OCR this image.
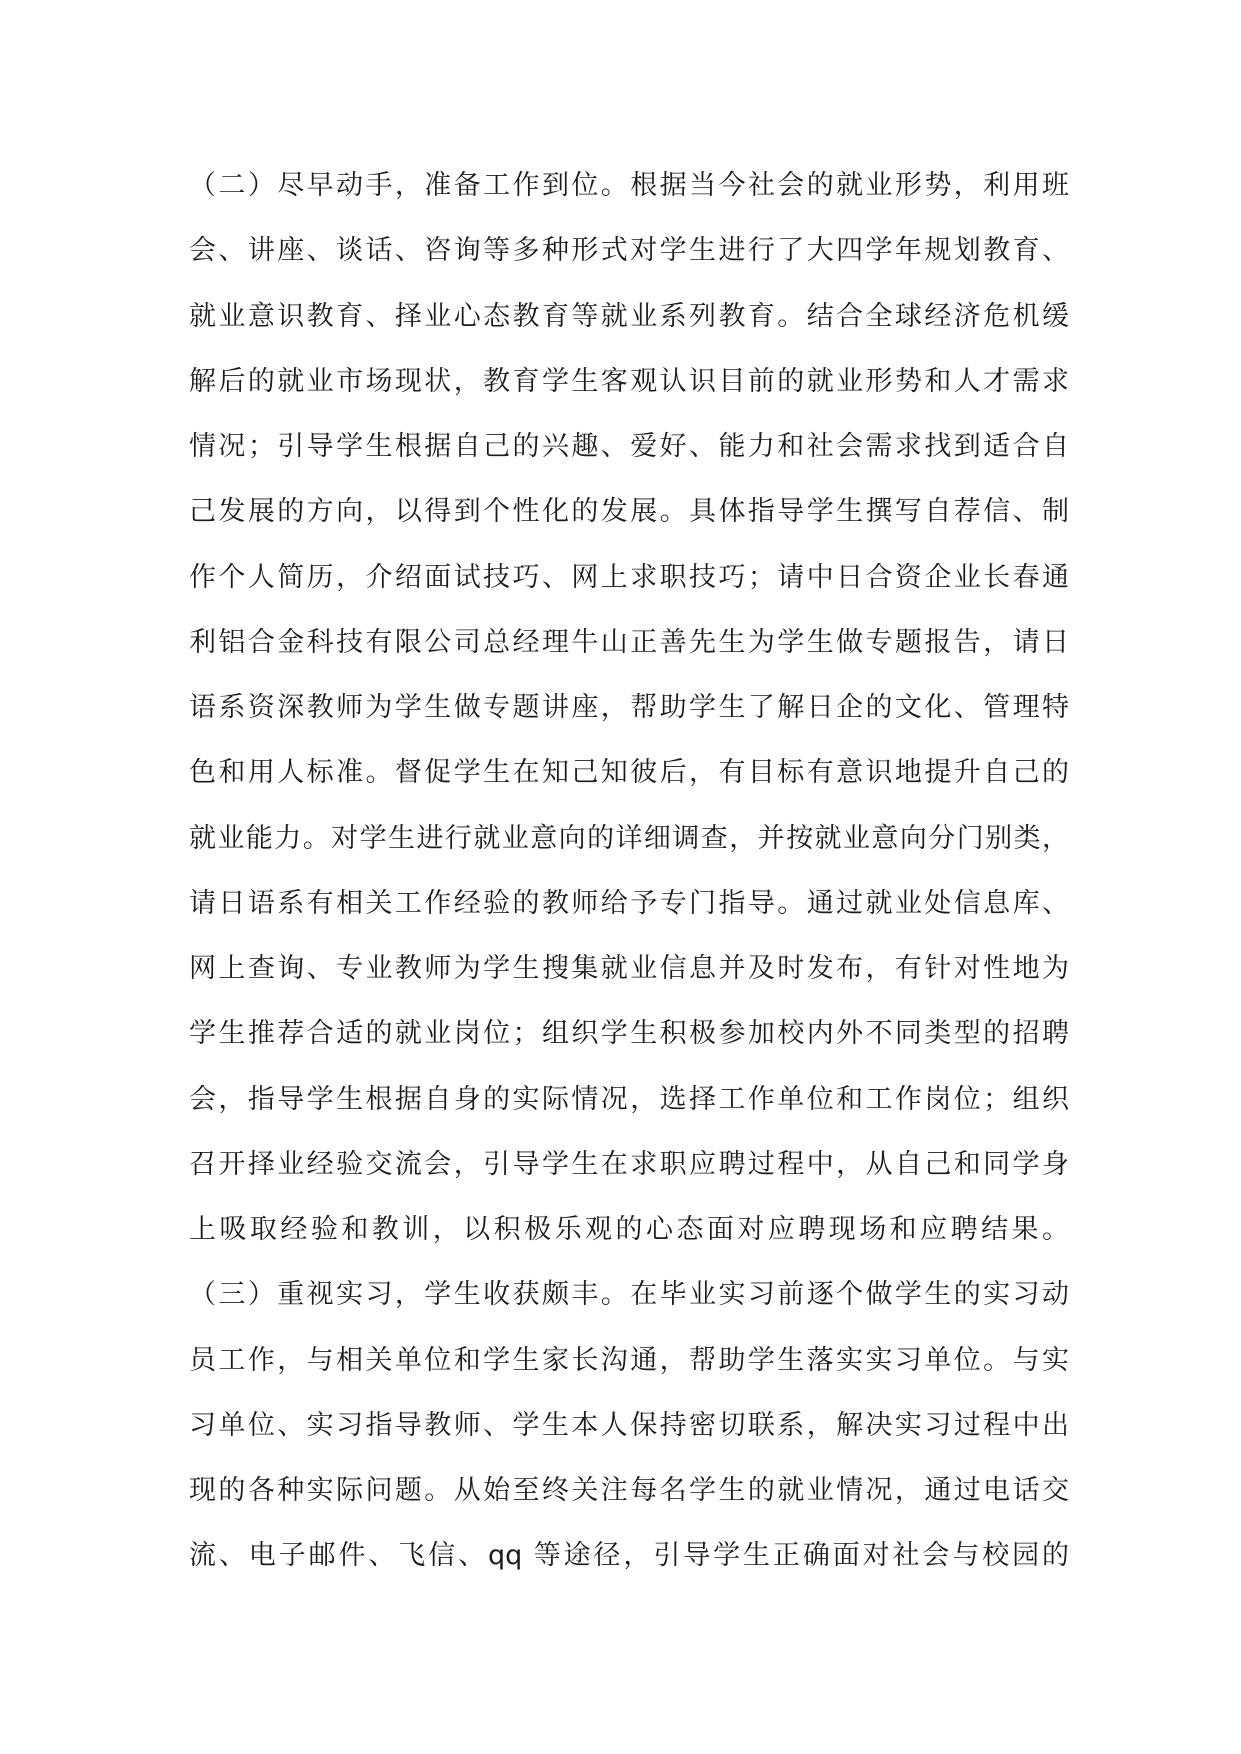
（二）尽早动手，准备工作到位。根据当今社会的就业形势，利用班
会、讲座、谈话、咨询等多种形式对学生进行了大四学年规划教育、
就业意识教育、择业心态教育等就业系列教育。结合全球经济危机缓
解后的就业市场现状，教育学生客观认识目前的就业形势和人才需求
情况；引导学生根据自己的兴趣、爱好、能力和社会需求找到适合自
己发展的方向，以得到个性化的发展。具体指导学生撰写自荐信、制
作个人简历，介绍面试技巧、网上求职技巧；请中日合资企业长春通
利铝合金科技有限公司总经理牛山正善先生为学生做专题报告，请日
语系资深教师为学生做专题讲座，帮助学生了解日企的文化、管理特
色和用人标准。督促学生在知己知彼后，有目标有意识地提升自己的
就业能力。对学生进行就业意向的详细调查，并按就业意向分门别类，
请日语系有相关工作经验的教师给予专门指导。通过就业处信息库、
网上查询、专业教师为学生搜集就业信息并及时发布，有针对性地为
学生推荐合适的就业岗位；组织学生积极参加校内外不同类型的招聘
会，指导学生根据自身的实际情况，选择工作单位和工作岗位；组织
召开择业经验交流会，引导学生在求职应聘过程中，从自己和同学身
上吸取经验和教训，以积极乐观的心态面对应聘现场和应聘结果。
（三）重视实习，学生收获颇丰。在毕业实习前逐个做学生的实习动
员工作，与相关单位和学生家长沟通，帮助学生落实实习单位。与实
习单位、实习指导教师、学生本人保持密切联系，解决实习过程中出
现的各种实际问题。从始至终关注每名学生的就业情况，通过电话交
流、电子邮件、飞信、qq 等途径，引导学生正确面对社会与校园的
